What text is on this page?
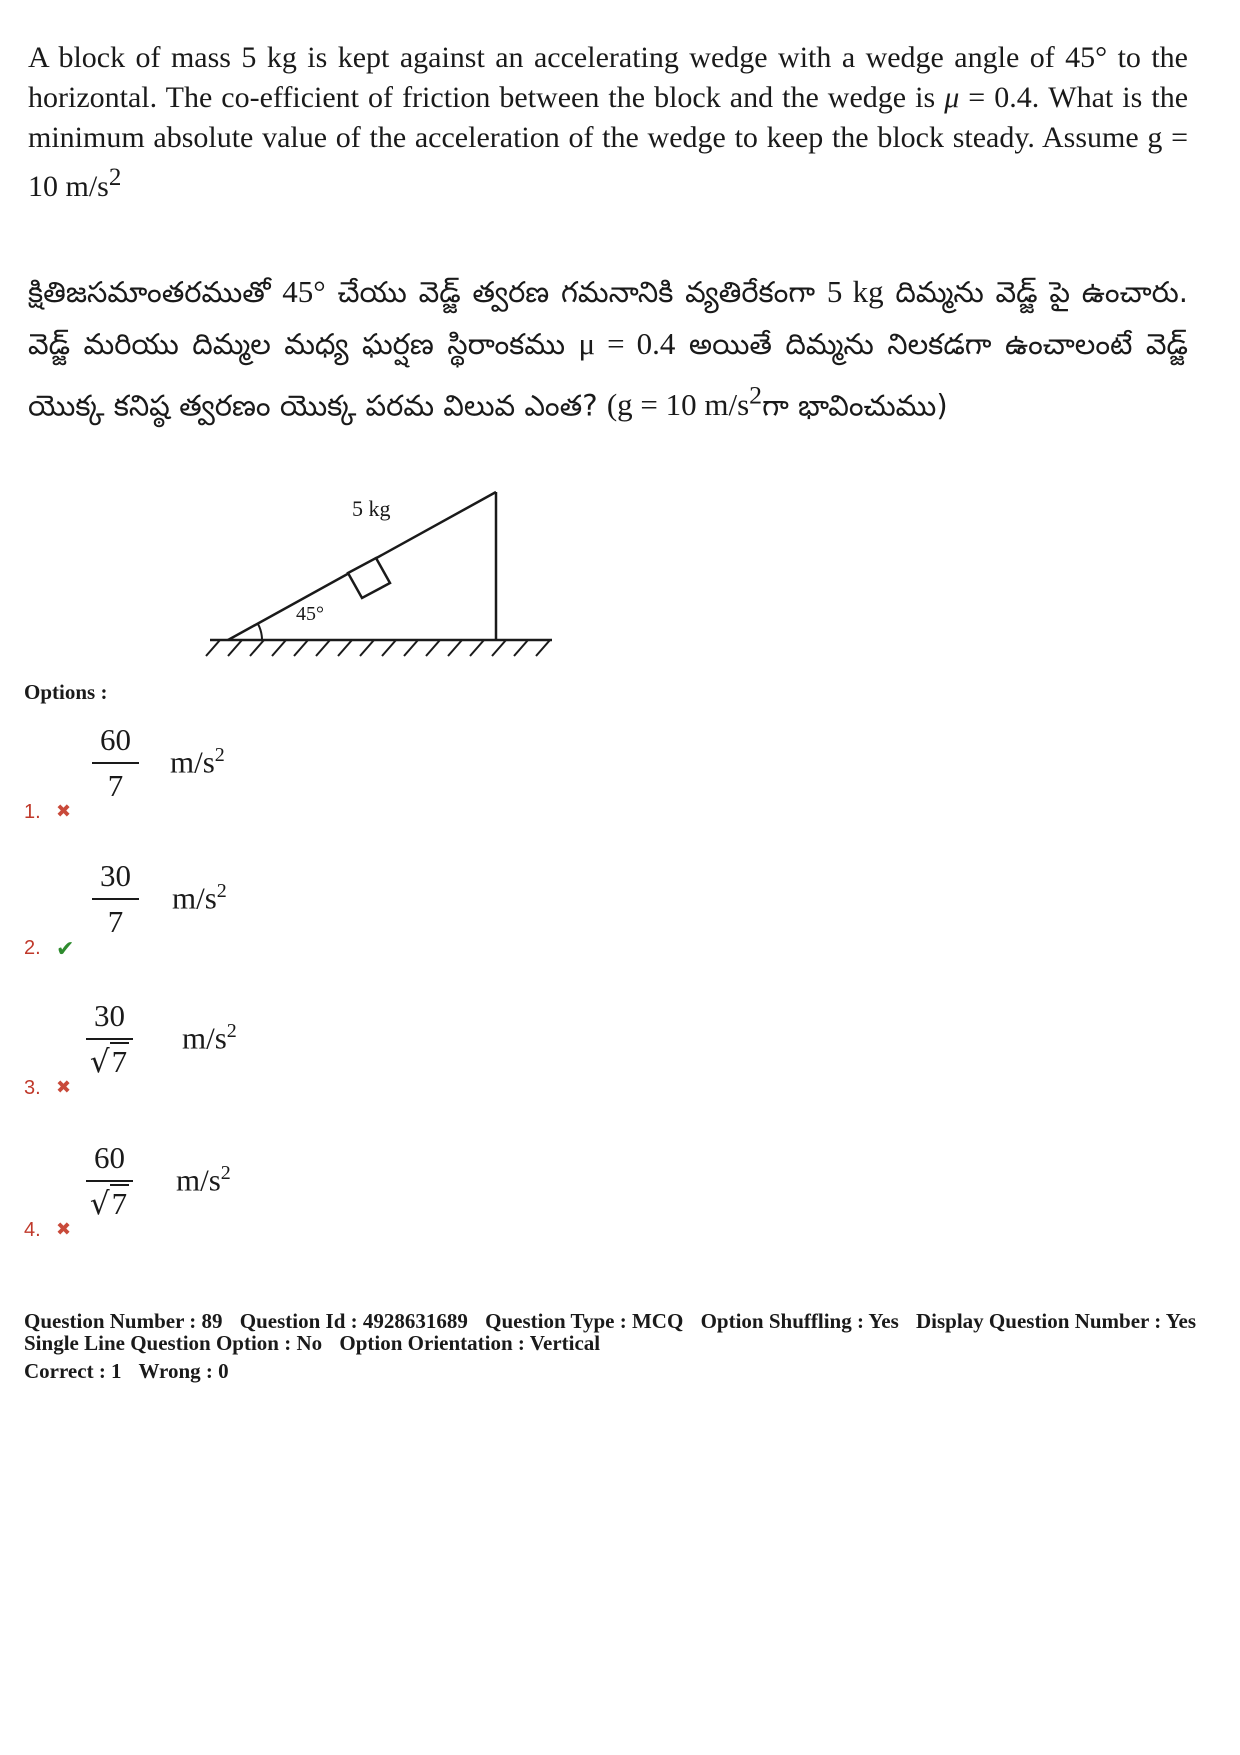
A block of mass 5 kg is kept against an accelerating wedge with a wedge angle of 45° to the horizontal. The co-efficient of friction between the block and the wedge is μ = 0.4. What is the minimum absolute value of the acceleration of the wedge to keep the block steady. Assume g = 10 $m/s^2$

క్షితిజసమాంతరముతో 45° చేయు వెడ్జ్ త్వరణ గమనానికి వ్యతిరేకంగా 5 kg దిమ్మను వెడ్జ్ పై ఉంచారు. వెడ్జ్ మరియు దిమ్మల మధ్య ఘర్షణ స్థిరాంకము μ = 0.4 అయితే దిమ్మను నిలకడగా ఉంచాలంటే వెడ్జ్ యొక్క కనిష్ఠ త్వరణం యొక్క పరమ విలువ ఎంత? (g = 10 $m/s^2గా$ భావించుము)

5 kg
45°
Options :
60
7
$m/s^2$
1. ✖
30
7
$m/s^2$
2. ✔
30
√7
$m/s^2$
3. ✖
60
√7
$m/s^2$
4. ✖
Question Number : 89 Question Id : 4928631689 Question Type : MCQ Option Shuffling : Yes Display Question Number : Yes
Single Line Question Option : No Option Orientation : Vertical
Correct : 1 Wrong : 0
